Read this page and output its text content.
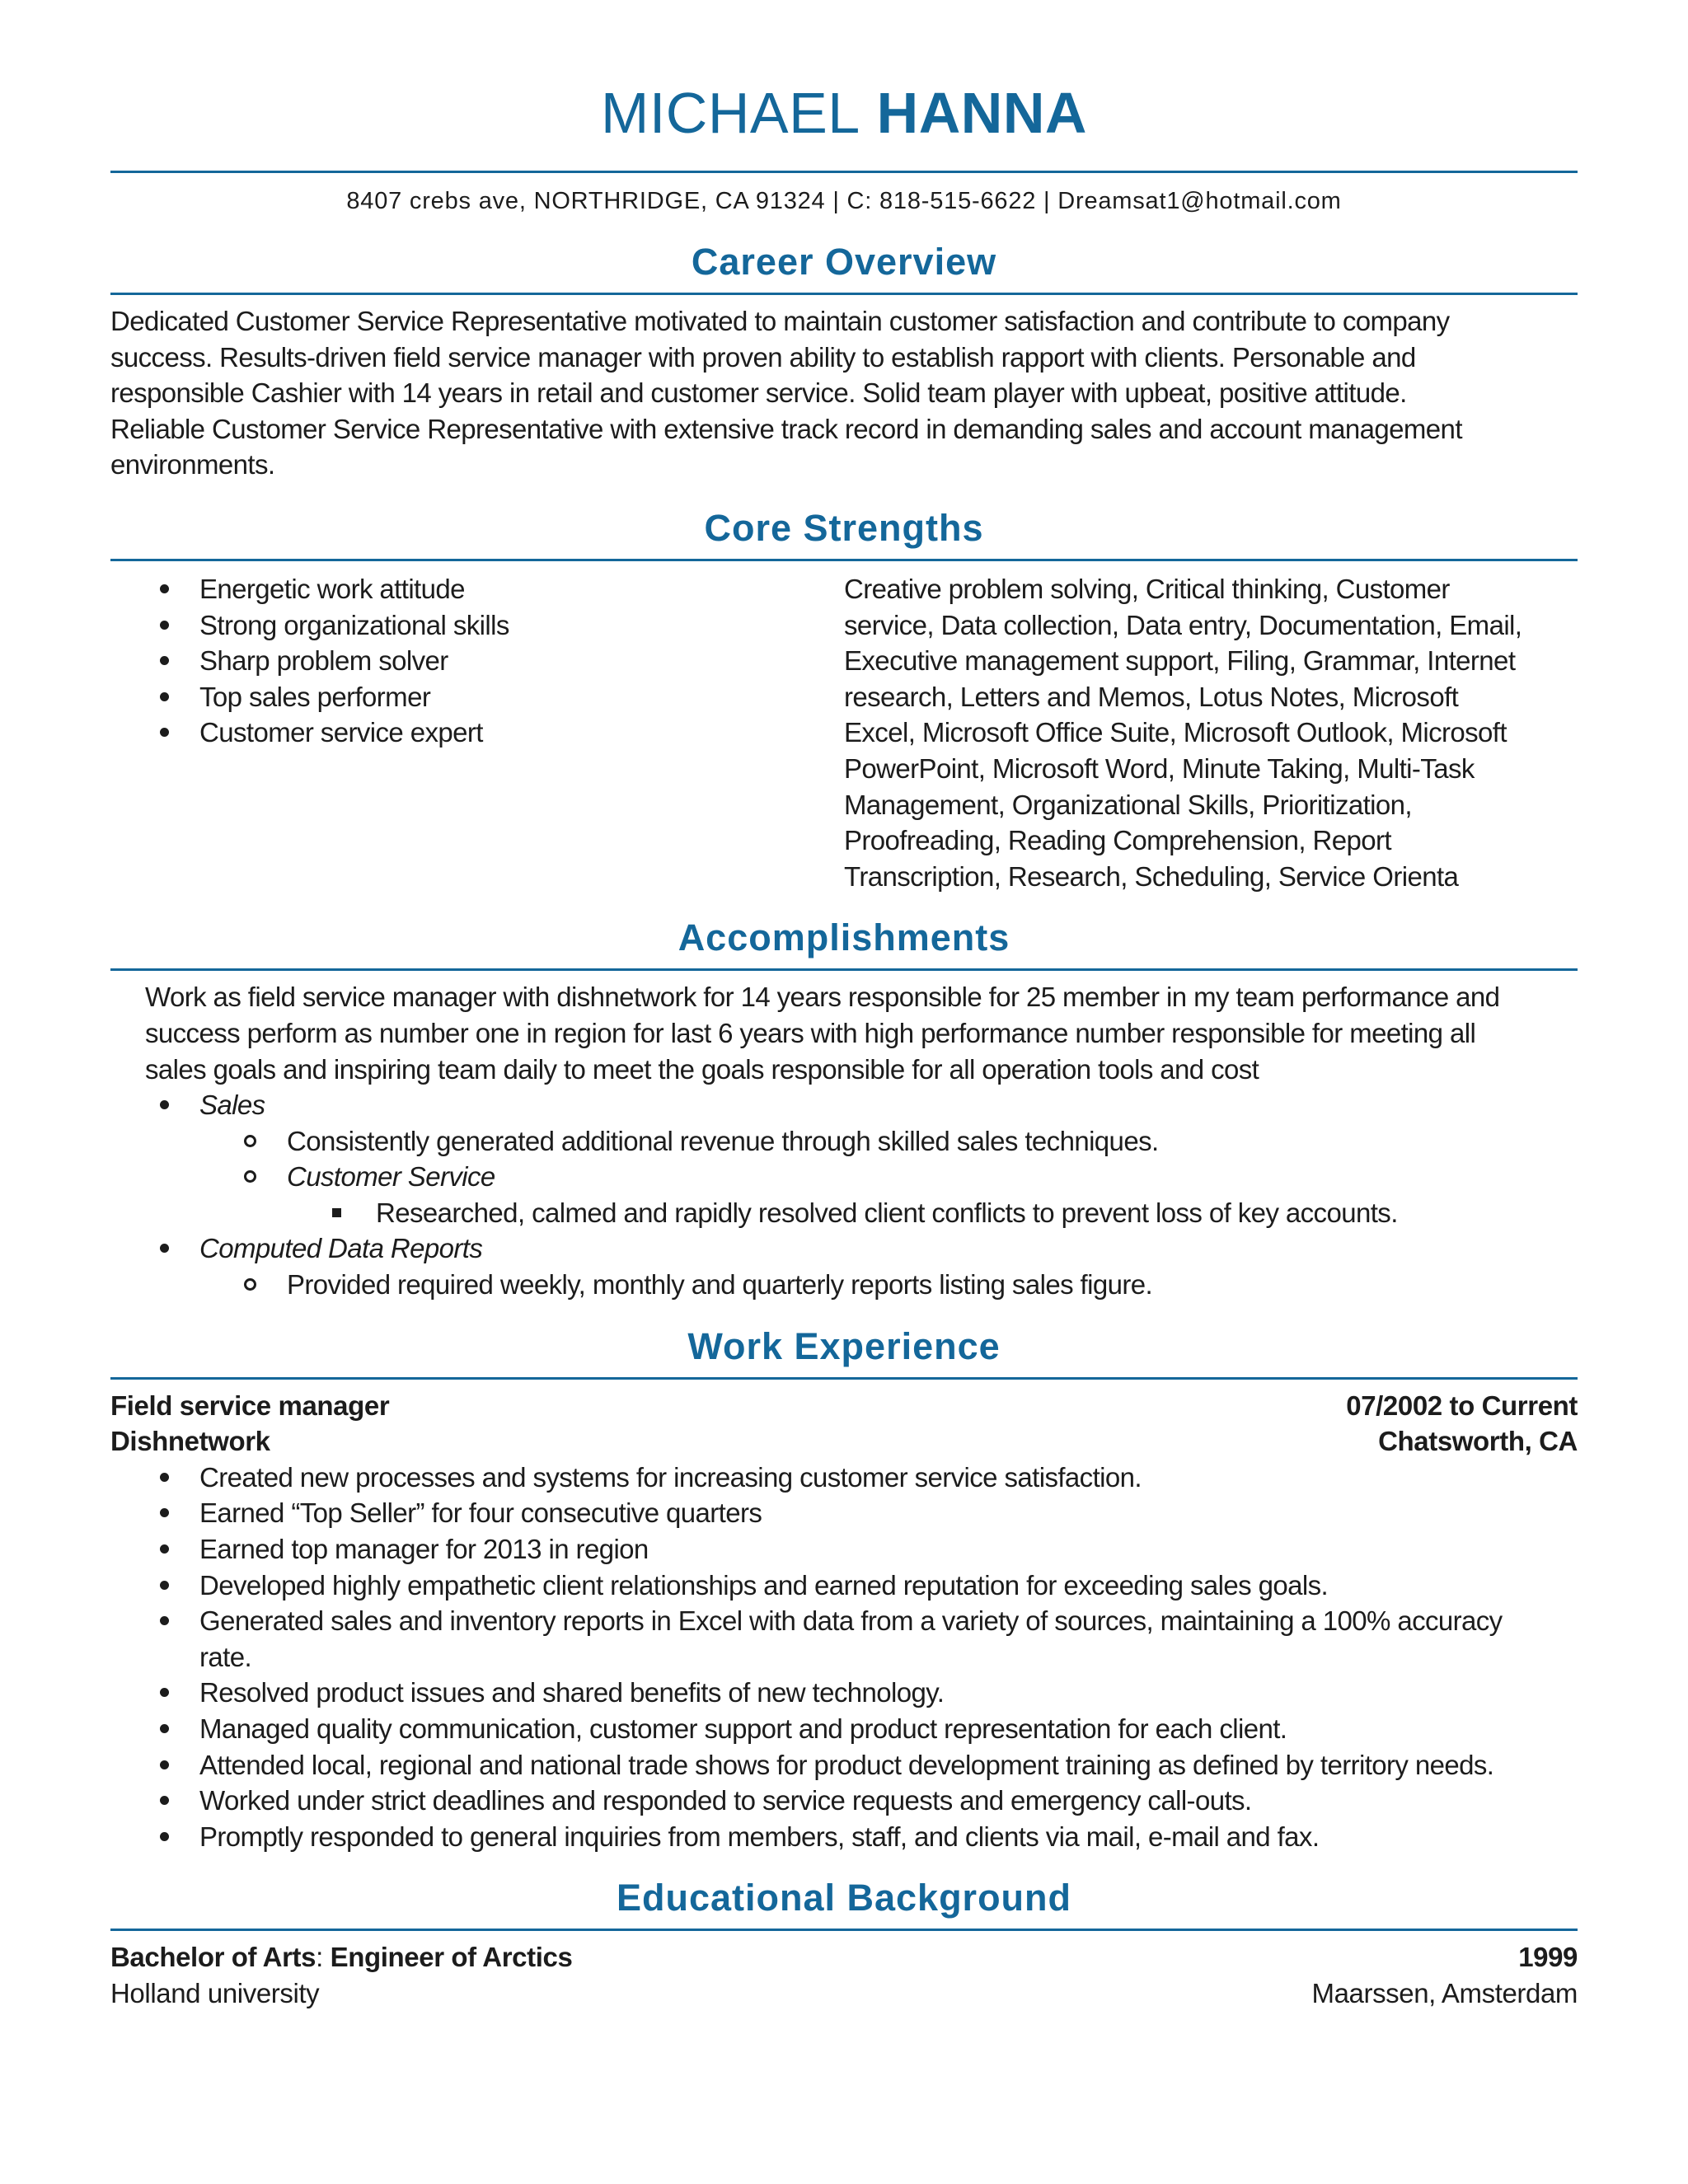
MICHAEL HANNA

8407 crebs ave, NORTHRIDGE, CA 91324 | C: 818-515-6622 | Dreamsat1@hotmail.com

Career Overview

Dedicated Customer Service Representative motivated to maintain customer satisfaction and contribute to company

success. Results-driven field service manager with proven ability to establish rapport with clients. Personable and

responsible Cashier with 14 years in retail and customer service. Solid team player with upbeat, positive attitude.

Reliable Customer Service Representative with extensive track record in demanding sales and account management

environments.

Core Strengths
Energetic work attitude
Strong organizational skills
Sharp problem solver
Top sales performer
Customer service expert
Creative problem solving, Critical thinking, Customer
service, Data collection, Data entry, Documentation, Email,
Executive management support, Filing, Grammar, Internet
research, Letters and Memos, Lotus Notes, Microsoft
Excel, Microsoft Office Suite, Microsoft Outlook, Microsoft
PowerPoint, Microsoft Word, Minute Taking, Multi-Task
Management, Organizational Skills, Prioritization,
Proofreading, Reading Comprehension, Report
Transcription, Research, Scheduling, Service Orienta
Accomplishments
Work as field service manager with dishnetwork for 14 years responsible for 25 member in my team performance and
success perform as number one in region for last 6 years with high performance number responsible for meeting all
sales goals and inspiring team daily to meet the goals responsible for all operation tools and cost
Sales
Consistently generated additional revenue through skilled sales techniques.
Customer Service
Researched, calmed and rapidly resolved client conflicts to prevent loss of key accounts.
Computed Data Reports
Provided required weekly, monthly and quarterly reports listing sales figure.
Work Experience
Field service manager	07/2002 to Current
Dishnetwork	Chatsworth, CA
Created new processes and systems for increasing customer service satisfaction.
Earned “Top Seller” for four consecutive quarters
Earned top manager for 2013 in region
Developed highly empathetic client relationships and earned reputation for exceeding sales goals.
Generated sales and inventory reports in Excel with data from a variety of sources, maintaining a 100% accuracy
rate.
Resolved product issues and shared benefits of new technology.
Managed quality communication, customer support and product representation for each client.
Attended local, regional and national trade shows for product development training as defined by territory needs.
Worked under strict deadlines and responded to service requests and emergency call-outs.
Promptly responded to general inquiries from members, staff, and clients via mail, e-mail and fax.
Educational Background
Bachelor of Arts: Engineer of Arctics	1999
Holland university	Maarssen, Amsterdam
